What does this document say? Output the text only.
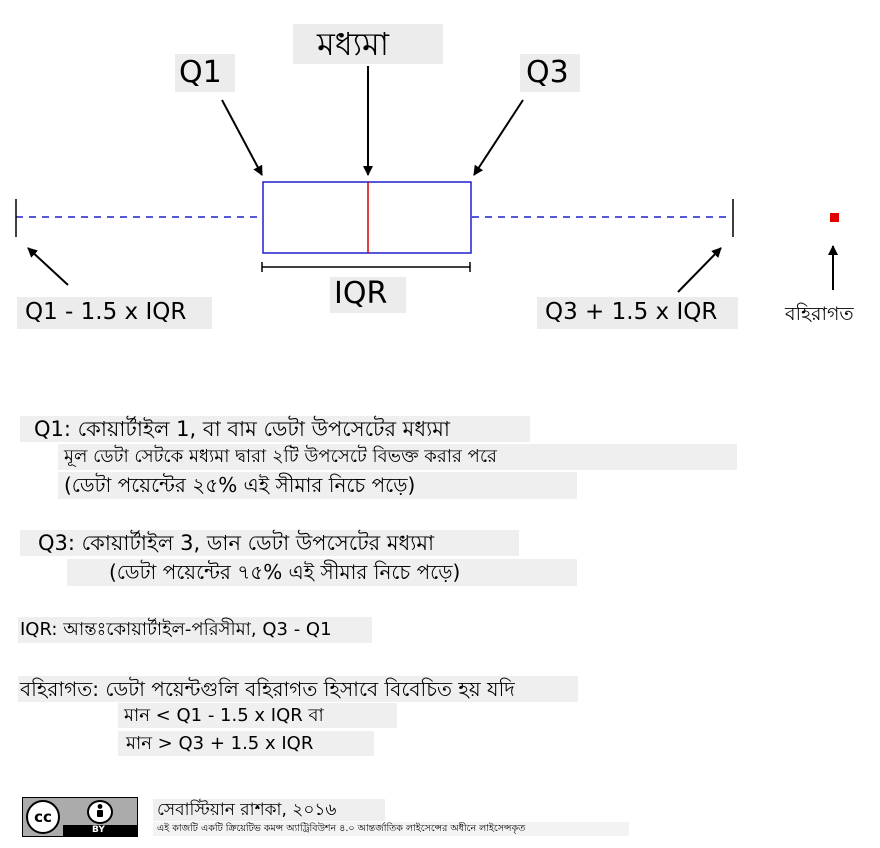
মধ্যমা
Q1	Q3
IQR
Q1 - 1.5 x IQR	Q3 + 1.5 x IQR	বহিরাগত
Q1: কোয়ার্টাইল 1, বা বাম ডেটা উপসেটের মধ্যমা
মূল ডেটা সেটকে মধ্যমা দ্বারা ২টি উপসেটে বিভক্ত করার পরে
(ডেটা পয়েন্টের ২৫% এই সীমার নিচে পড়ে)
Q3: কোয়ার্টাইল 3, ডান ডেটা উপসেটের মধ্যমা
(ডেটা পয়েন্টের ৭৫% এই সীমার নিচে পড়ে)
IQR: আন্তঃকোয়ার্টাইল-পরিসীমা, Q3 - Q1
বহিরাগত: ডেটা পয়েন্টগুলি বহিরাগত হিসাবে বিবেচিত হয় যদি
মান < Q1 - 1.5 x IQR বা
মান > Q3 + 1.5 x IQR
cc
BY
সেবাস্টিয়ান রাশকা, ২০১৬
এই কাজটি একটি ক্রিয়েটিভ কমন্স অ্যাট্রিবিউশন ৪.০ আন্তর্জাতিক লাইসেন্সের অধীনে লাইসেন্সকৃত
